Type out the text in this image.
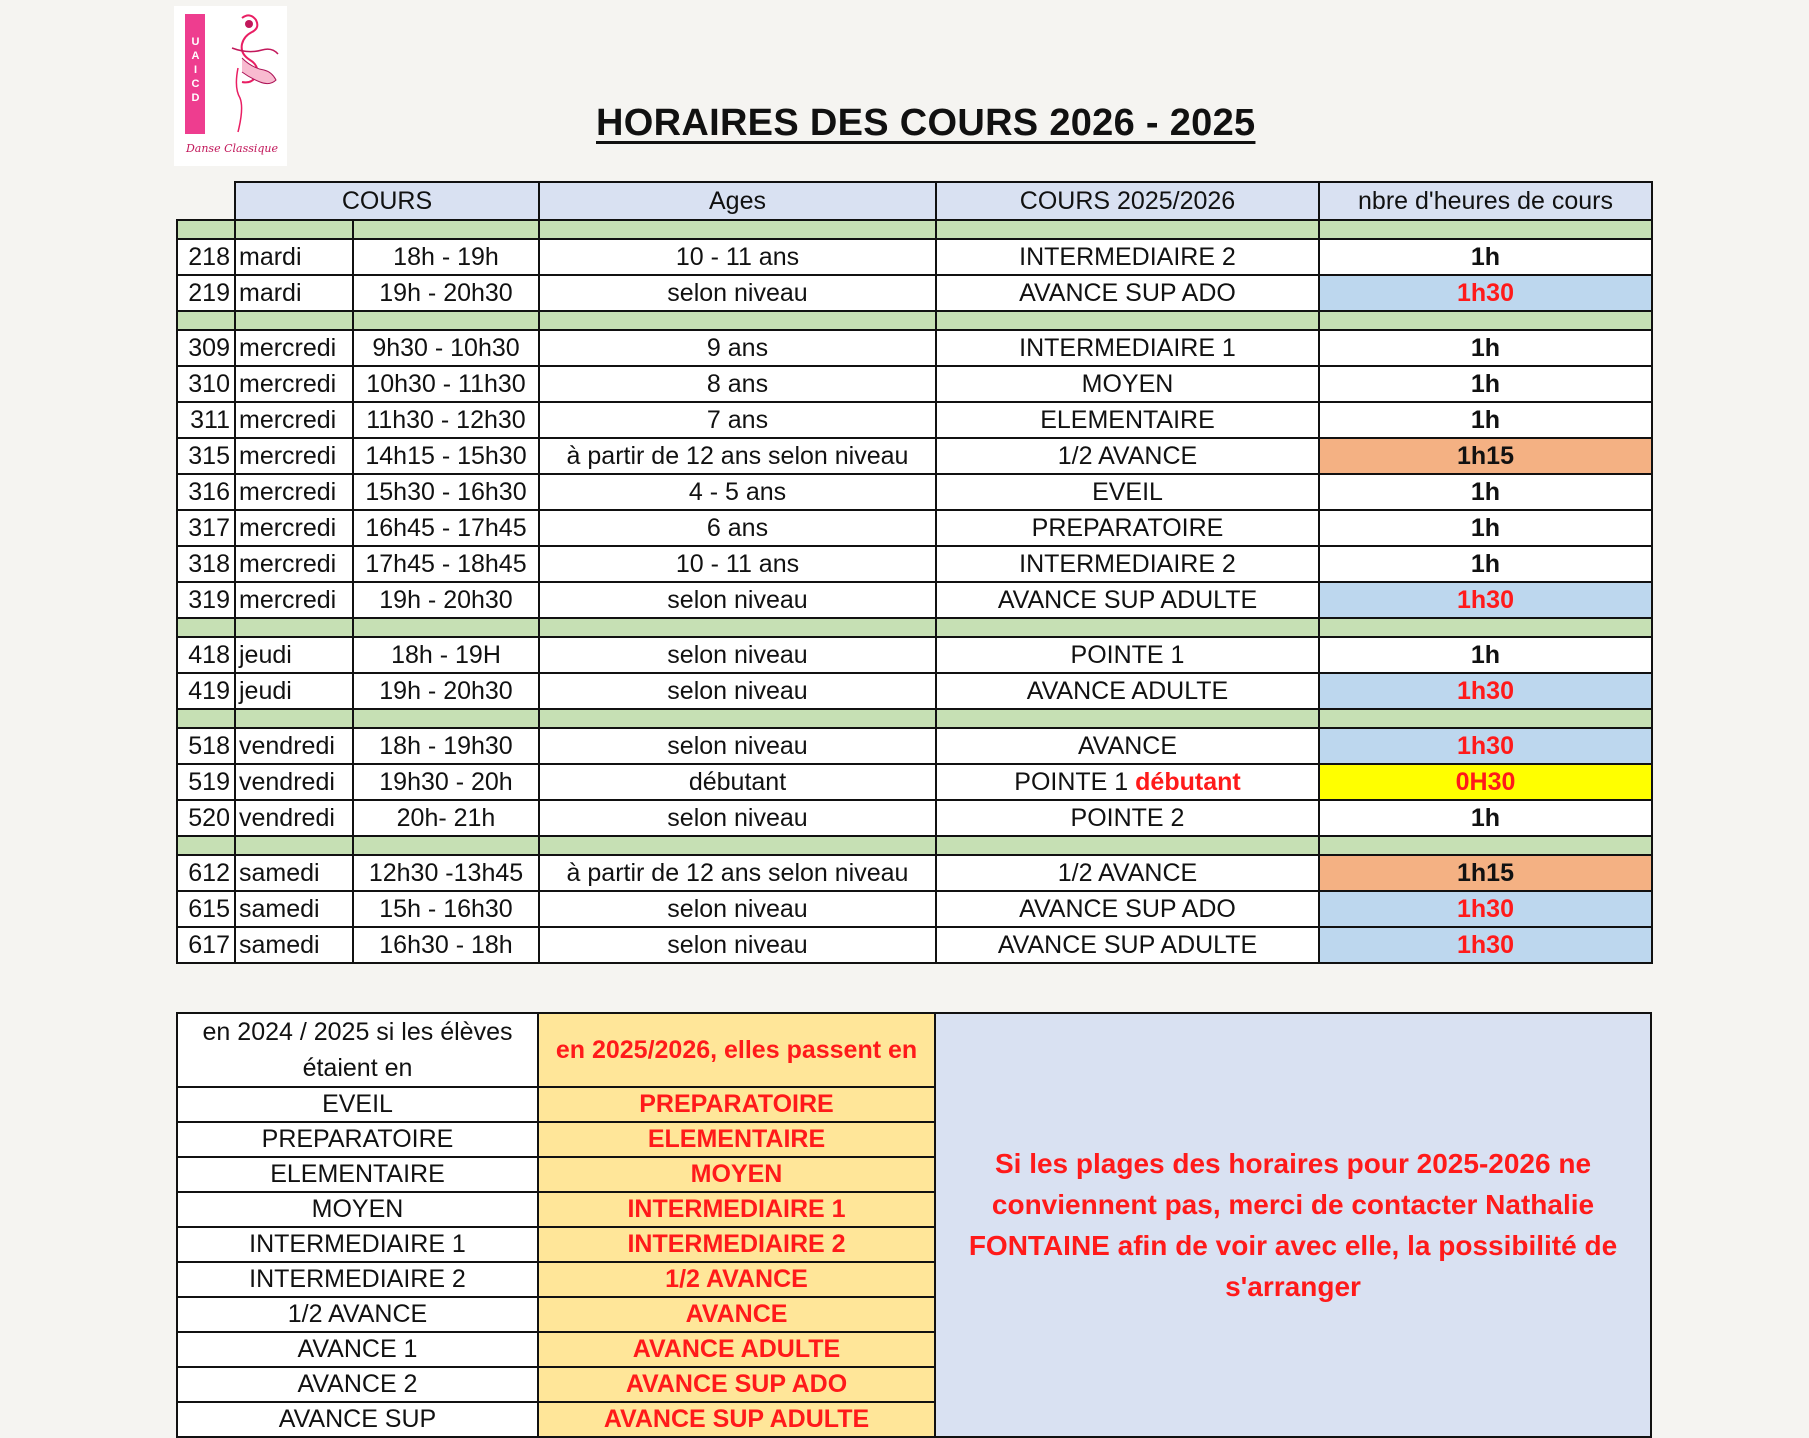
UAICD
Danse Classique
HORAIRES DES COURS 2026 - 2025
	COURS		Ages	COURS 2025/2026	nbre d'heures de cours

218	mardi	18h - 19h	10 - 11 ans	INTERMEDIAIRE 2	1h
219	mardi	19h - 20h30	selon niveau	AVANCE SUP ADO	1h30

309	mercredi	9h30 - 10h30	9 ans	INTERMEDIAIRE 1	1h
310	mercredi	10h30 - 11h30	8 ans	MOYEN	1h
311	mercredi	11h30 - 12h30	7 ans	ELEMENTAIRE	1h
315	mercredi	14h15 - 15h30	à partir de 12 ans selon niveau	1/2 AVANCE	1h15
316	mercredi	15h30 - 16h30	4 - 5 ans	EVEIL	1h
317	mercredi	16h45 - 17h45	6 ans	PREPARATOIRE	1h
318	mercredi	17h45 - 18h45	10 - 11 ans	INTERMEDIAIRE 2	1h
319	mercredi	19h - 20h30	selon niveau	AVANCE SUP ADULTE	1h30

418	jeudi	18h - 19H	selon niveau	POINTE 1	1h
419	jeudi	19h - 20h30	selon niveau	AVANCE ADULTE	1h30

518	vendredi	18h - 19h30	selon niveau	AVANCE	1h30
519	vendredi	19h30 - 20h	débutant	POINTE 1 débutant	0H30
520	vendredi	20h- 21h	selon niveau	POINTE 2	1h

612	samedi	12h30 -13h45	à partir de 12 ans selon niveau	1/2 AVANCE	1h15
615	samedi	15h - 16h30	selon niveau	AVANCE SUP ADO	1h30
617	samedi	16h30 - 18h	selon niveau	AVANCE SUP ADULTE	1h30
en 2024 / 2025 si les élèves étaient en	en 2025/2026, elles passent en	Si les plages des horaires pour 2025-2026 ne conviennent pas, merci de contacter Nathalie FONTAINE afin de voir avec elle, la possibilité de s'arranger
EVEIL	PREPARATOIRE	
PREPARATOIRE	ELEMENTAIRE	
ELEMENTAIRE	MOYEN	
MOYEN	INTERMEDIAIRE 1	
INTERMEDIAIRE 1	INTERMEDIAIRE 2	
INTERMEDIAIRE 2	1/2 AVANCE	
1/2 AVANCE	AVANCE	
AVANCE 1	AVANCE ADULTE	
AVANCE 2	AVANCE SUP ADO	
AVANCE SUP	AVANCE SUP ADULTE	
